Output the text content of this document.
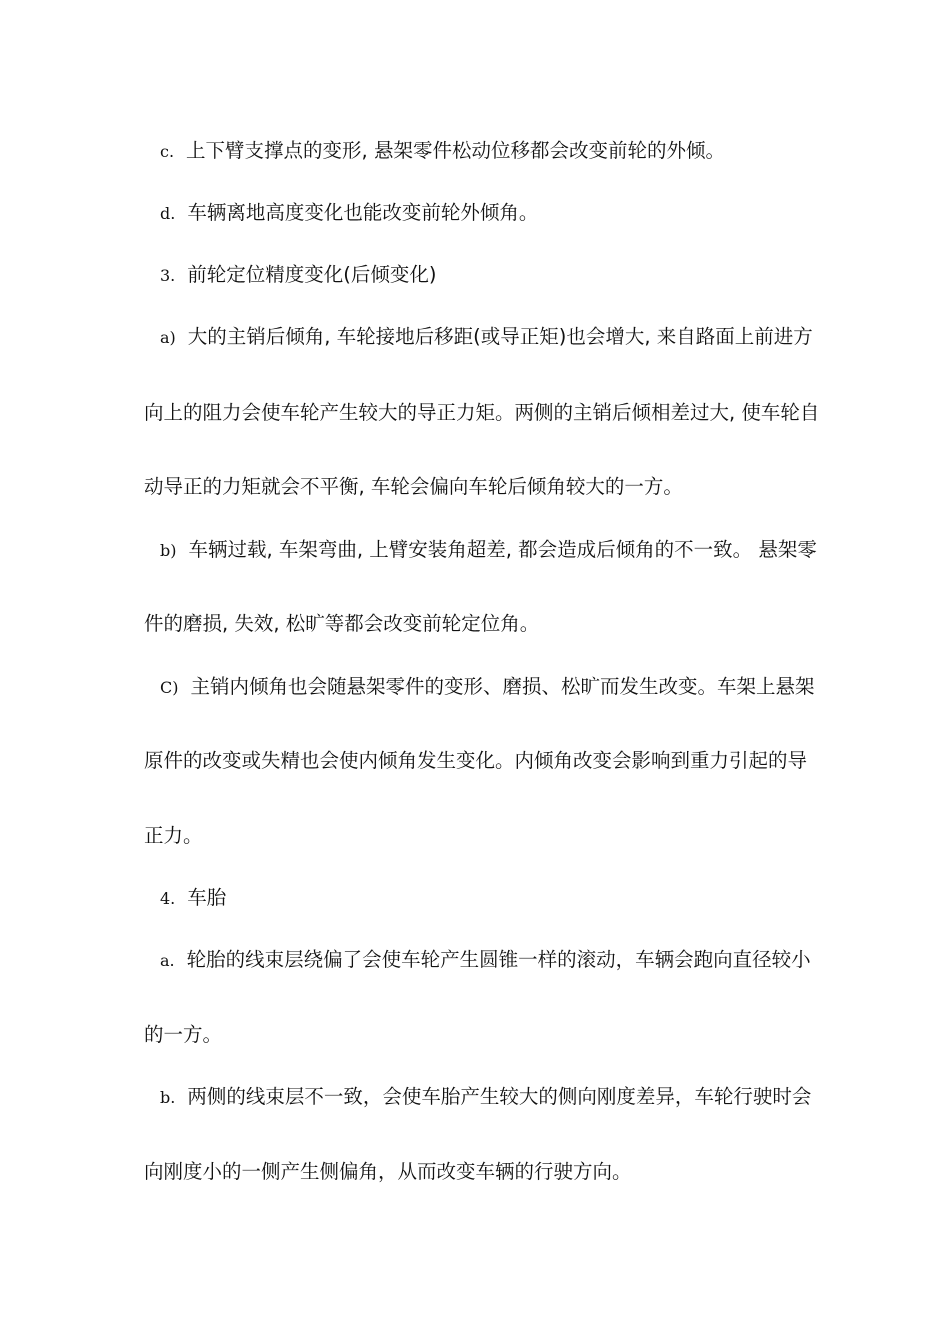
c. 上下臂支撑点的变形, 悬架零件松动位移都会改变前轮的外倾。
d. 车辆离地高度变化也能改变前轮外倾角。
3. 前轮定位精度变化(后倾变化)
a) 大的主销后倾角, 车轮接地后移距(或导正矩)也会增大, 来自路面上前进方
向上的阻力会使车轮产生较大的导正力矩。两侧的主销后倾相差过大, 使车轮自
动导正的力矩就会不平衡, 车轮会偏向车轮后倾角较大的一方。
b) 车辆过载, 车架弯曲, 上臂安装角超差, 都会造成后倾角的不一致。 悬架零
件的磨损, 失效, 松旷等都会改变前轮定位角。
C) 主销内倾角也会随悬架零件的变形、磨损、松旷而发生改变。车架上悬架
原件的改变或失精也会使内倾角发生变化。内倾角改变会影响到重力引起的导
正力。
4. 车胎
a. 轮胎的线束层绕偏了会使车轮产生圆锥一样的滚动，车辆会跑向直径较小
的一方。
b. 两侧的线束层不一致，会使车胎产生较大的侧向刚度差异，车轮行驶时会
向刚度小的一侧产生侧偏角，从而改变车辆的行驶方向。
